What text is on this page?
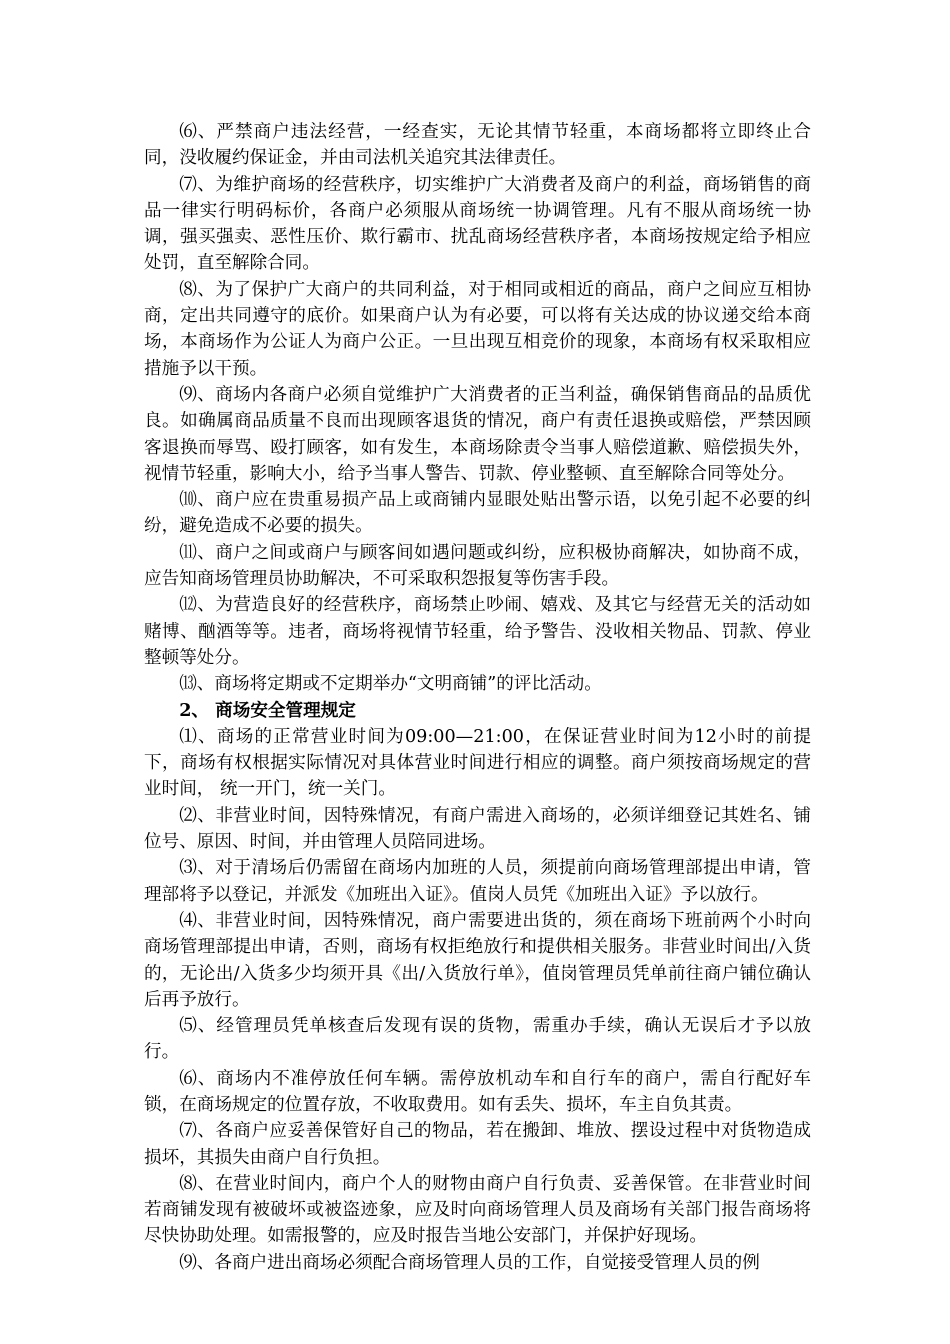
⑹、严禁商户违法经营，一经查实，无论其情节轻重，本商场都将立即终止合同，没收履约保证金，并由司法机关追究其法律责任。

⑺、为维护商场的经营秩序，切实维护广大消费者及商户的利益，商场销售的商品一律实行明码标价，各商户必须服从商场统一协调管理。凡有不服从商场统一协调，强买强卖、恶性压价、欺行霸市、扰乱商场经营秩序者，本商场按规定给予相应处罚，直至解除合同。

⑻、为了保护广大商户的共同利益，对于相同或相近的商品，商户之间应互相协商，定出共同遵守的底价。如果商户认为有必要，可以将有关达成的协议递交给本商场，本商场作为公证人为商户公正。一旦出现互相竞价的现象，本商场有权采取相应措施予以干预。

⑼、商场内各商户必须自觉维护广大消费者的正当利益，确保销售商品的品质优良。如确属商品质量不良而出现顾客退货的情况，商户有责任退换或赔偿，严禁因顾客退换而辱骂、殴打顾客，如有发生，本商场除责令当事人赔偿道歉、赔偿损失外，视情节轻重，影响大小，给予当事人警告、罚款、停业整顿、直至解除合同等处分。

⑽、商户应在贵重易损产品上或商铺内显眼处贴出警示语，以免引起不必要的纠纷，避免造成不必要的损失。

⑾、商户之间或商户与顾客间如遇问题或纠纷，应积极协商解决，如协商不成，应告知商场管理员协助解决，不可采取积怨报复等伤害手段。

⑿、为营造良好的经营秩序，商场禁止吵闹、嬉戏、及其它与经营无关的活动如赌博、酗酒等等。违者，商场将视情节轻重，给予警告、没收相关物品、罚款、停业整顿等处分。

⒀、商场将定期或不定期举办“文明商铺”的评比活动。

2、 商场安全管理规定

⑴、商场的正常营业时间为09:00—21:00，在保证营业时间为12小时的前提下，商场有权根据实际情况对具体营业时间进行相应的调整。商户须按商场规定的营业时间， 统一开门，统一关门。

⑵、非营业时间，因特殊情况，有商户需进入商场的，必须详细登记其姓名、铺位号、原因、时间，并由管理人员陪同进场。

⑶、对于清场后仍需留在商场内加班的人员，须提前向商场管理部提出申请，管理部将予以登记，并派发《加班出入证》。值岗人员凭《加班出入证》予以放行。

⑷、非营业时间，因特殊情况，商户需要进出货的，须在商场下班前两个小时向商场管理部提出申请，否则，商场有权拒绝放行和提供相关服务。非营业时间出/入货的，无论出/入货多少均须开具《出/入货放行单》，值岗管理员凭单前往商户铺位确认后再予放行。

⑸、经管理员凭单核查后发现有误的货物，需重办手续，确认无误后才予以放行。

⑹、商场内不准停放任何车辆。需停放机动车和自行车的商户，需自行配好车锁，在商场规定的位置存放，不收取费用。如有丢失、损坏，车主自负其责。

⑺、各商户应妥善保管好自己的物品，若在搬卸、堆放、摆设过程中对货物造成损坏，其损失由商户自行负担。

⑻、在营业时间内，商户个人的财物由商户自行负责、妥善保管。在非营业时间若商铺发现有被破坏或被盗迹象，应及时向商场管理人员及商场有关部门报告商场将尽快协助处理。如需报警的，应及时报告当地公安部门，并保护好现场。

⑼、各商户进出商场必须配合商场管理人员的工作，自觉接受管理人员的例
